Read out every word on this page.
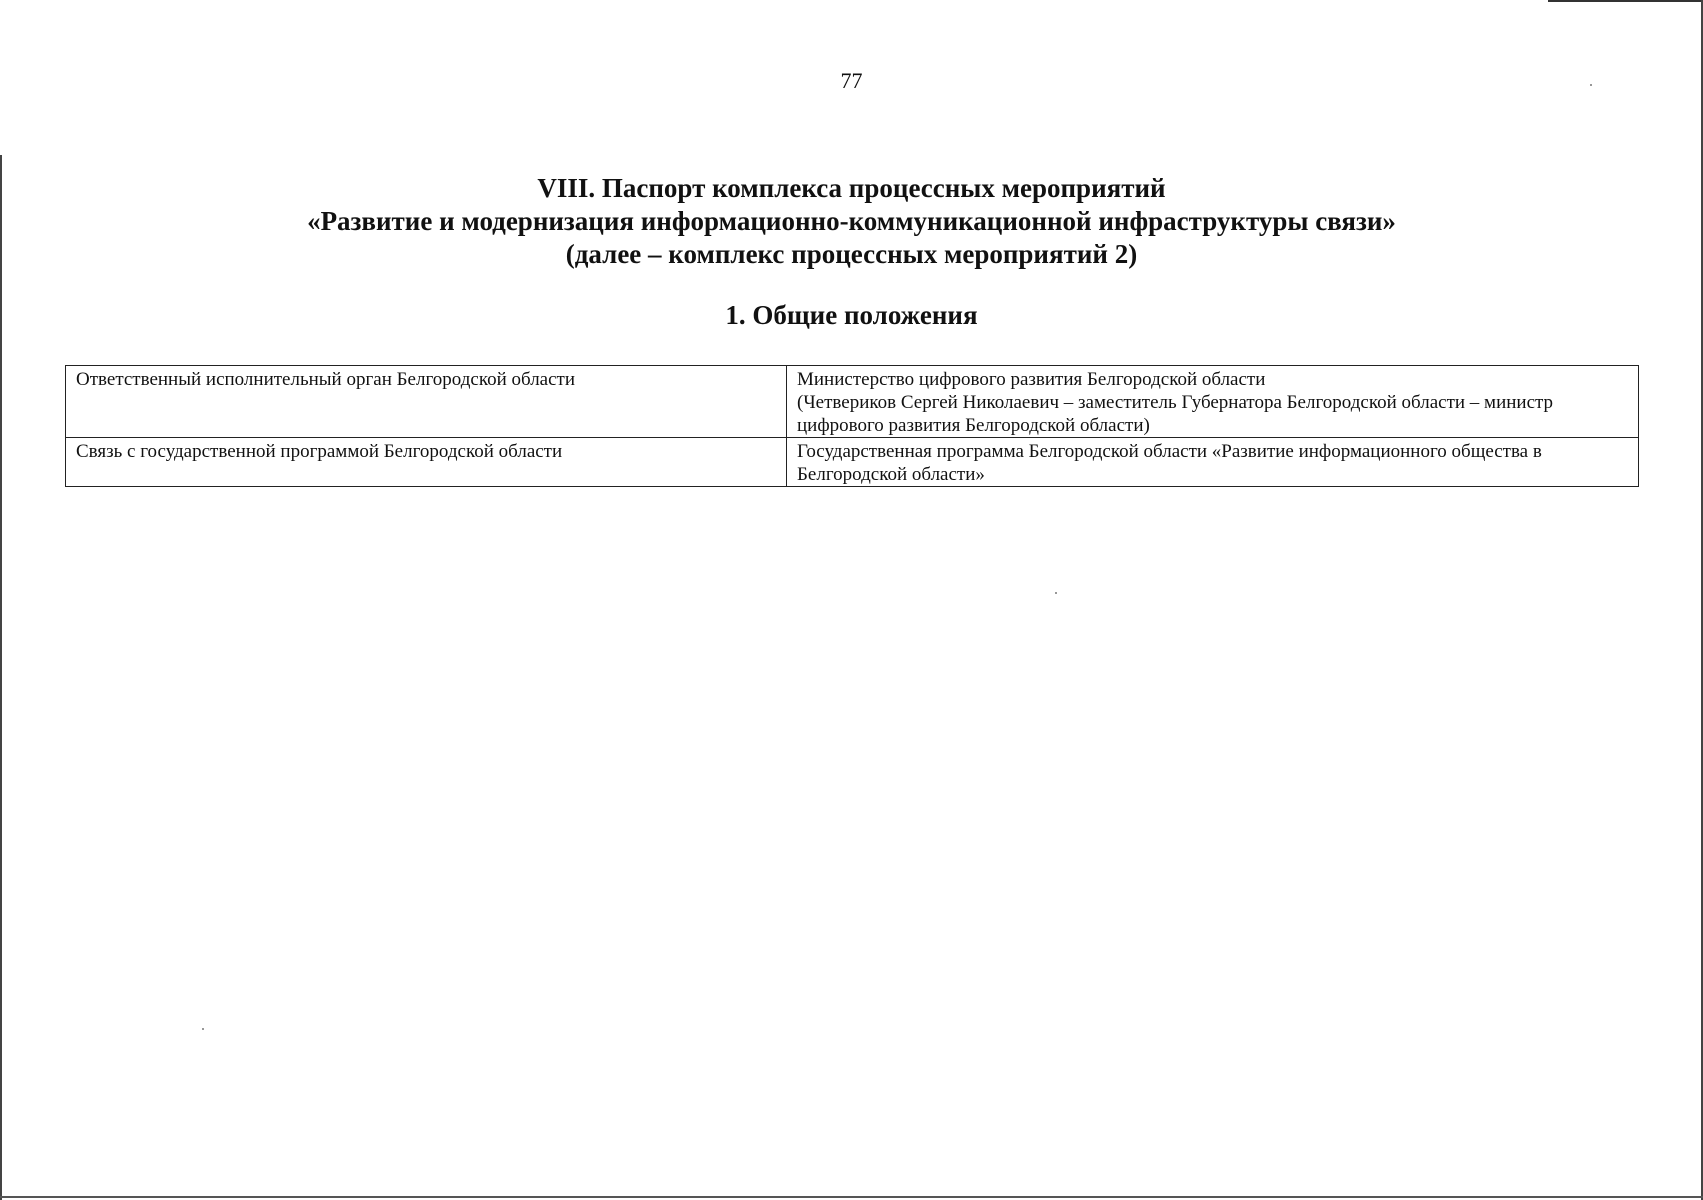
77
VIII. Паспорт комплекса процессных мероприятий
«Развитие и модернизация информационно-коммуникационной инфраструктуры связи»
(далее – комплекс процессных мероприятий 2)
1. Общие положения
Ответственный исполнительный орган Белгородской области	Министерство цифрового развития Белгородской области
(Четвериков Сергей Николаевич – заместитель Губернатора Белгородской области – министр цифрового развития Белгородской области)

Связь с государственной программой Белгородской области	Государственная программа Белгородской области «Развитие информационного общества в Белгородской области»
